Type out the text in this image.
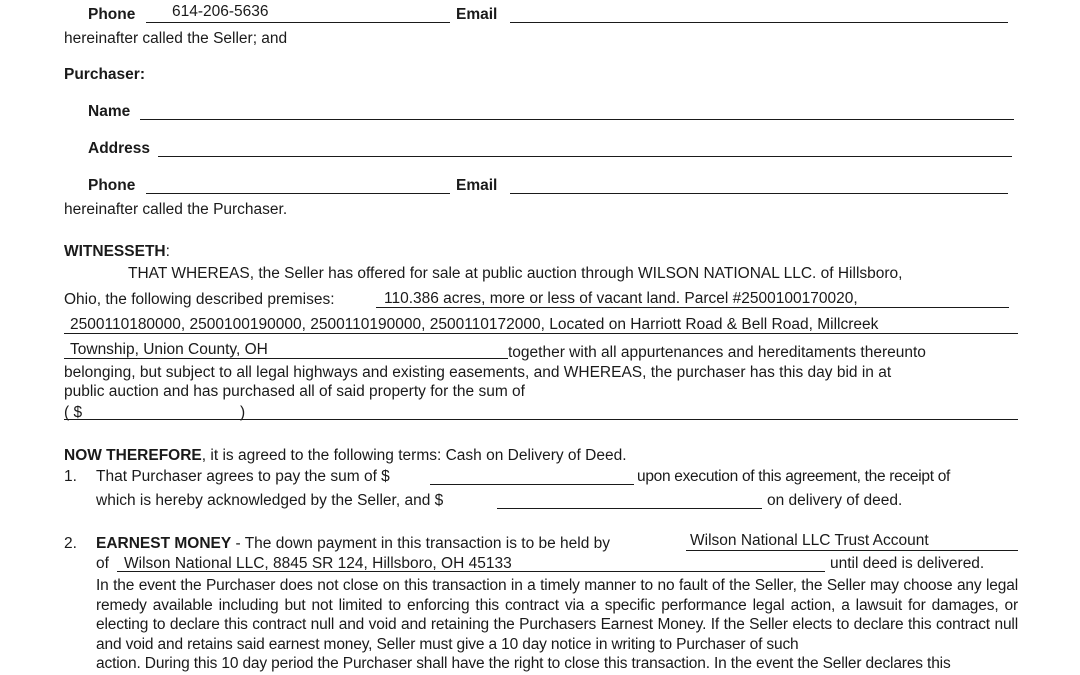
Phone 614-206-5636	Email
hereinafter called the Seller; and
Purchaser:
Name
Address
Phone	Email
hereinafter called the Purchaser.
WITNESSETH:
THAT WHEREAS, the Seller has offered for sale at public auction through WILSON NATIONAL LLC. of Hillsboro,
Ohio, the following described premises:	110.386 acres, more or less of vacant land. Parcel #2500100170020,
2500110180000, 2500100190000, 2500110190000, 2500110172000, Located on Harriott Road & Bell Road, Millcreek
Township, Union County, OH	together with all appurtenances and hereditaments thereunto
belonging, but subject to all legal highways and existing easements, and WHEREAS, the purchaser has this day bid in at
public auction and has purchased all of said property for the sum of
( $	)
NOW THEREFORE, it is agreed to the following terms: Cash on Delivery of Deed.
1. That Purchaser agrees to pay the sum of $	upon execution of this agreement, the receipt of
which is hereby acknowledged by the Seller, and $	on delivery of deed.
2. EARNEST MONEY - The down payment in this transaction is to be held by	Wilson National LLC Trust Account
of Wilson National LLC, 8845 SR 124, Hillsboro, OH 45133	until deed is delivered.
In the event the Purchaser does not close on this transaction in a timely manner to no fault of the Seller, the Seller may choose any legal remedy available including but not limited to enforcing this contract via a specific performance legal action, a lawsuit for damages, or electing to declare this contract null and void and retaining the Purchasers Earnest Money. If the Seller elects to declare this contract null and void and retains said earnest money, Seller must give a 10 day notice in writing to Purchaser of such
action. During this 10 day period the Purchaser shall have the right to close this transaction. In the event the Seller declares this
